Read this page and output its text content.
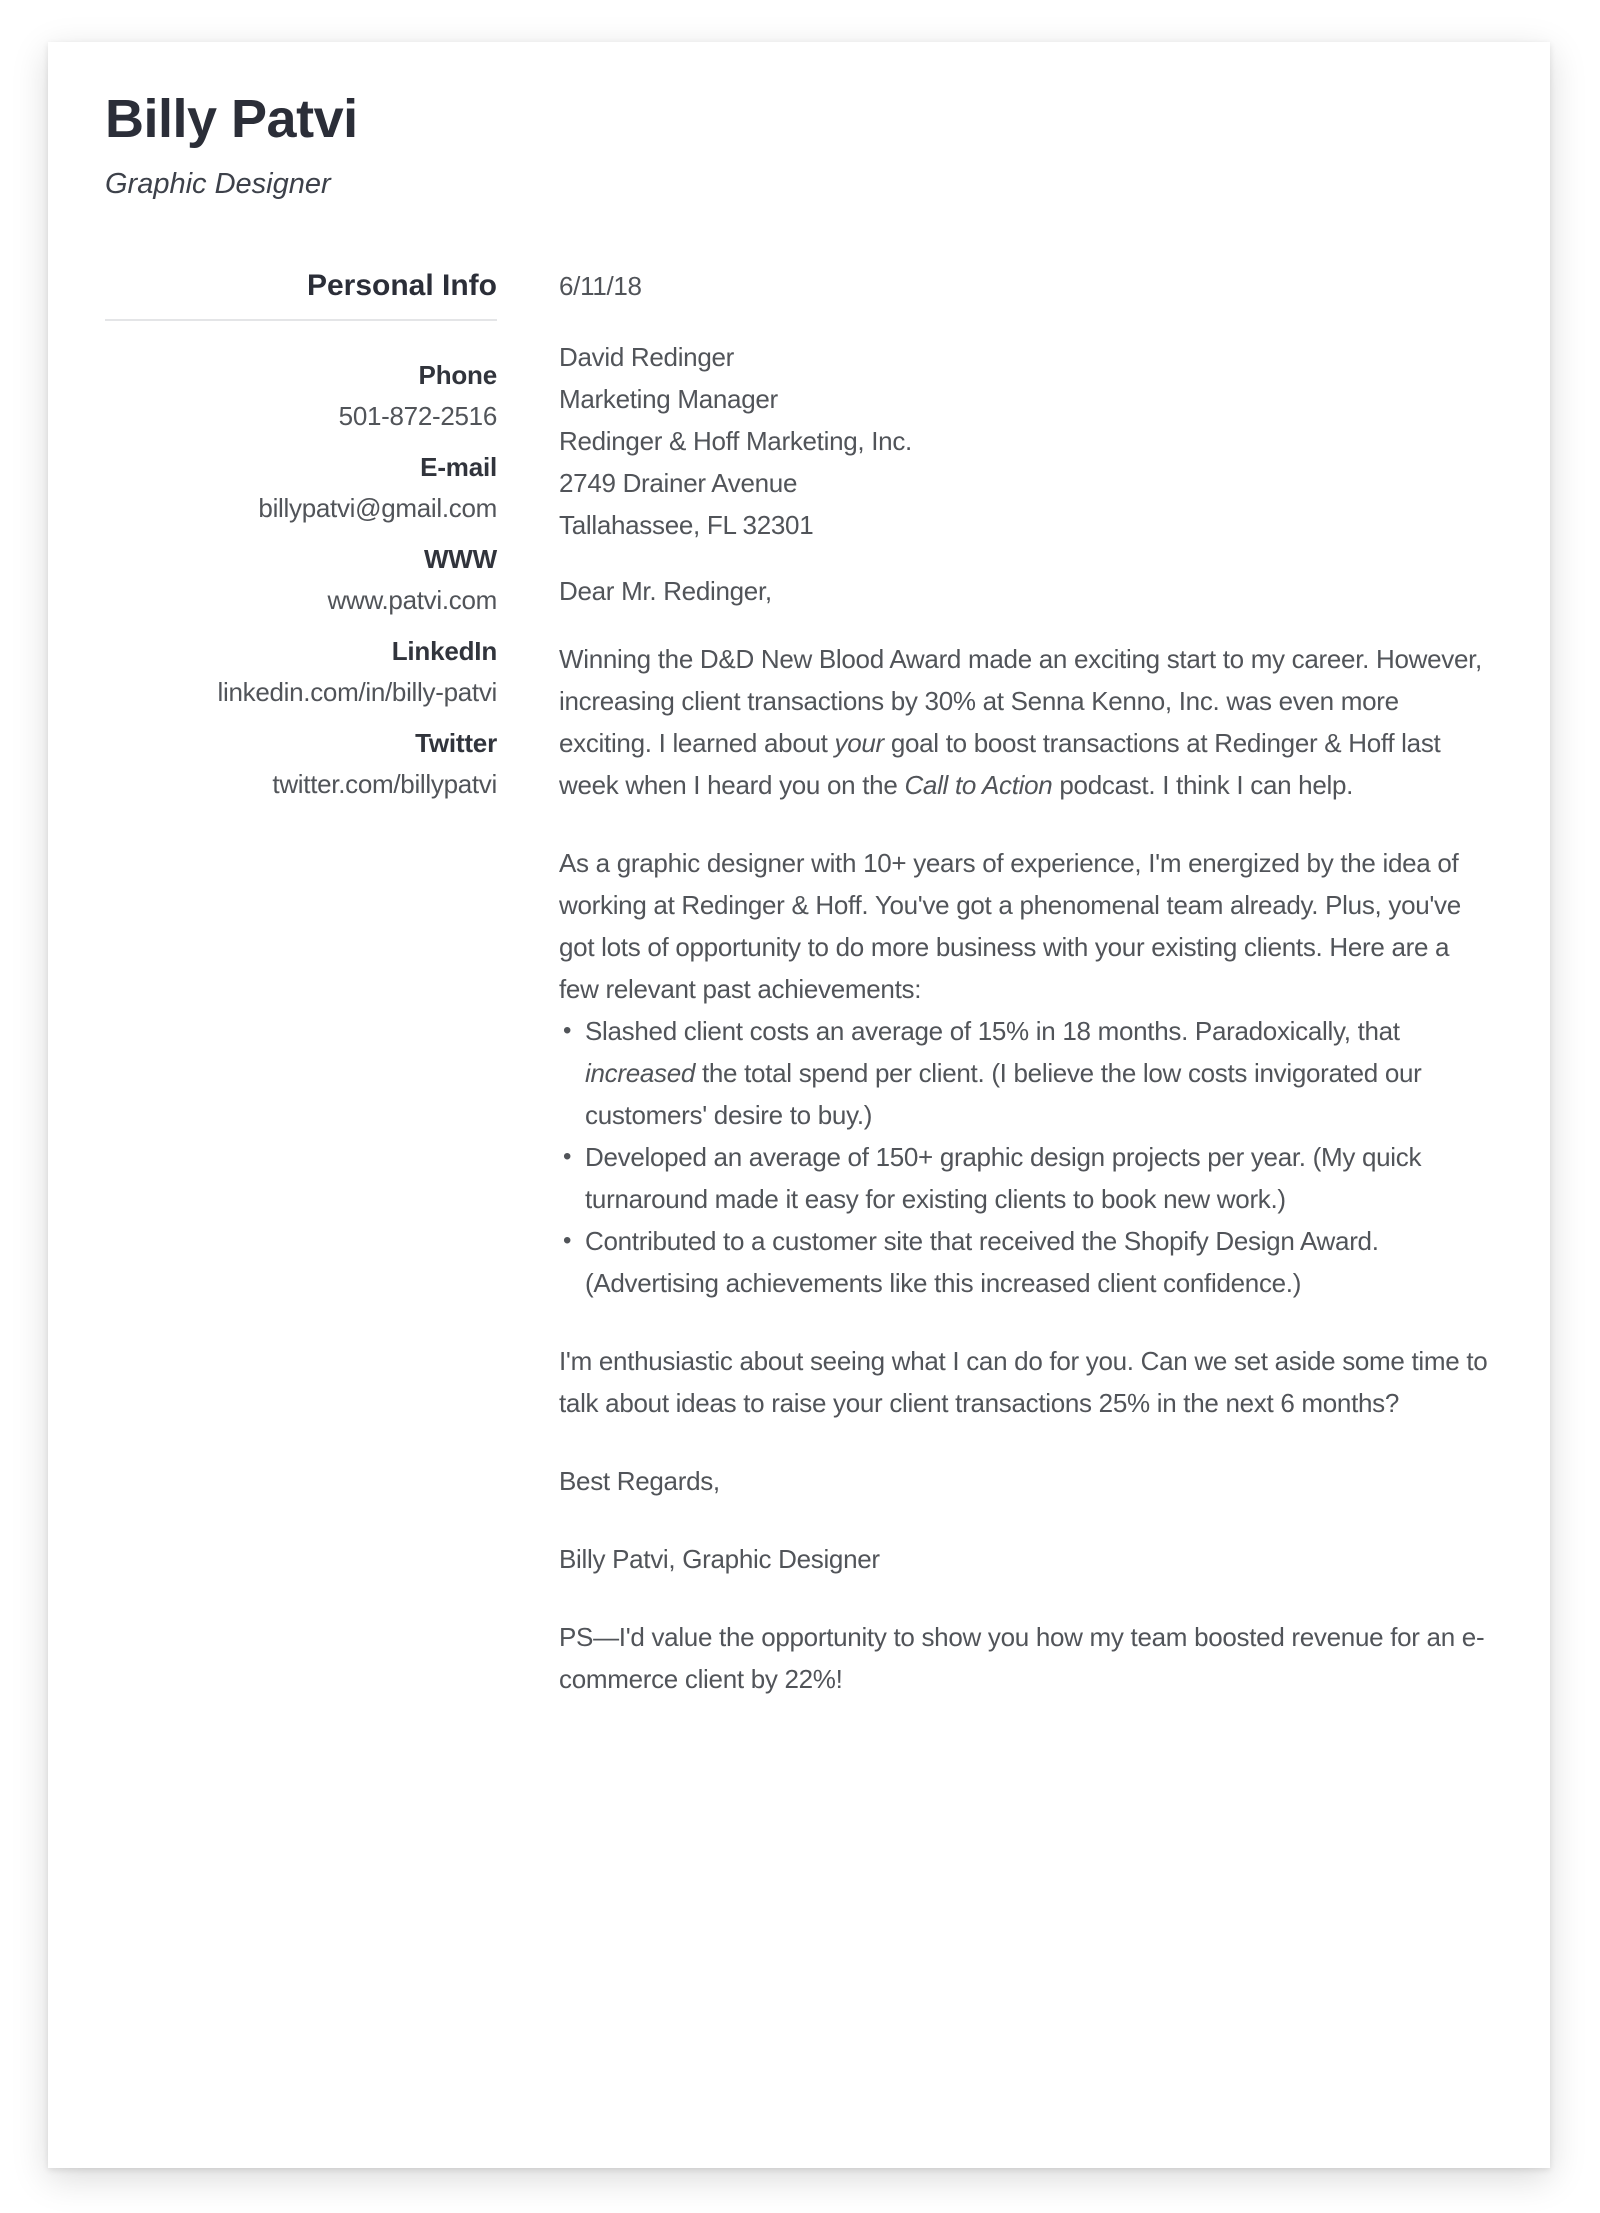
Billy Patvi
Graphic Designer
Personal Info
Phone
501-872-2516
E-mail
billypatvi@gmail.com
WWW
www.patvi.com
LinkedIn
linkedin.com/in/billy-patvi
Twitter
twitter.com/billypatvi
6/11/18
David Redinger
Marketing Manager
Redinger & Hoff Marketing, Inc.
2749 Drainer Avenue
Tallahassee, FL 32301
Dear Mr. Redinger,

Winning the D&D New Blood Award made an exciting start to my career. However, increasing client transactions by 30% at Senna Kenno, Inc. was even more exciting. I learned about your goal to boost transactions at Redinger & Hoff last week when I heard you on the Call to Action podcast. I think I can help.

As a graphic designer with 10+ years of experience, I'm energized by the idea of working at Redinger & Hoff. You've got a phenomenal team already. Plus, you've got lots of opportunity to do more business with your existing clients. Here are a few relevant past achievements:

• Slashed client costs an average of 15% in 18 months. Paradoxically, that increased the total spend per client. (I believe the low costs invigorated our customers' desire to buy.)
• Developed an average of 150+ graphic design projects per year. (My quick turnaround made it easy for existing clients to book new work.)
• Contributed to a customer site that received the Shopify Design Award. (Advertising achievements like this increased client confidence.)

I'm enthusiastic about seeing what I can do for you. Can we set aside some time to talk about ideas to raise your client transactions 25% in the next 6 months?

Best Regards,

Billy Patvi, Graphic Designer

PS—I'd value the opportunity to show you how my team boosted revenue for an e-commerce client by 22%!
